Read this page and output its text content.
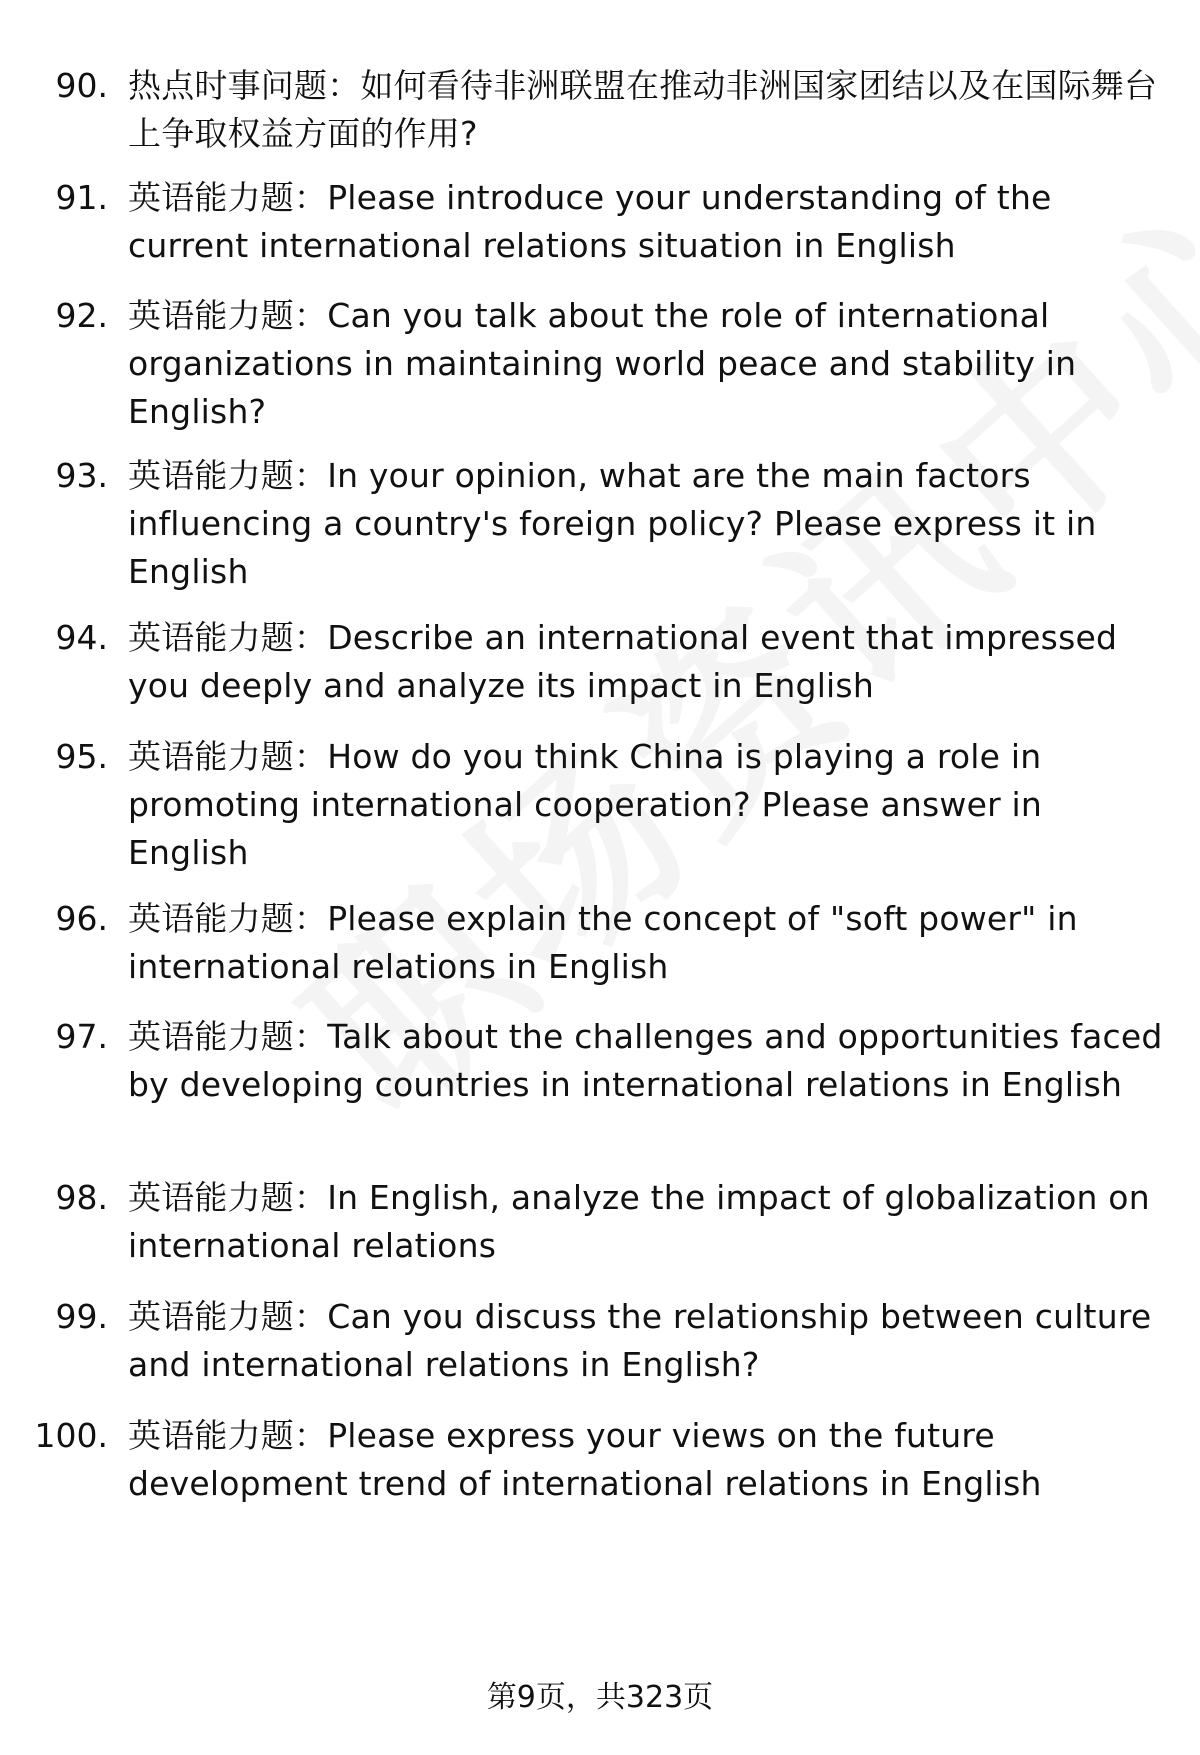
90. 热点时事问题：如何看待非洲联盟在推动非洲国家团结以及在国际舞台上争取权益方面的作用?
91. 英语能力题：Please introduce your understanding of the current international relations situation in English
92. 英语能力题：Can you talk about the role of international organizations in maintaining world peace and stability in English?
93. 英语能力题：In your opinion, what are the main factors influencing a country's foreign policy? Please express it in English
94. 英语能力题：Describe an international event that impressed you deeply and analyze its impact in English
95. 英语能力题：How do you think China is playing a role in promoting international cooperation? Please answer in English
96. 英语能力题：Please explain the concept of "soft power" in international relations in English
97. 英语能力题：Talk about the challenges and opportunities faced by developing countries in international relations in English
98. 英语能力题：In English, analyze the impact of globalization on international relations
99. 英语能力题：Can you discuss the relationship between culture and international relations in English?
100. 英语能力题：Please express your views on the future development trend of international relations in English
第9页，共323页
